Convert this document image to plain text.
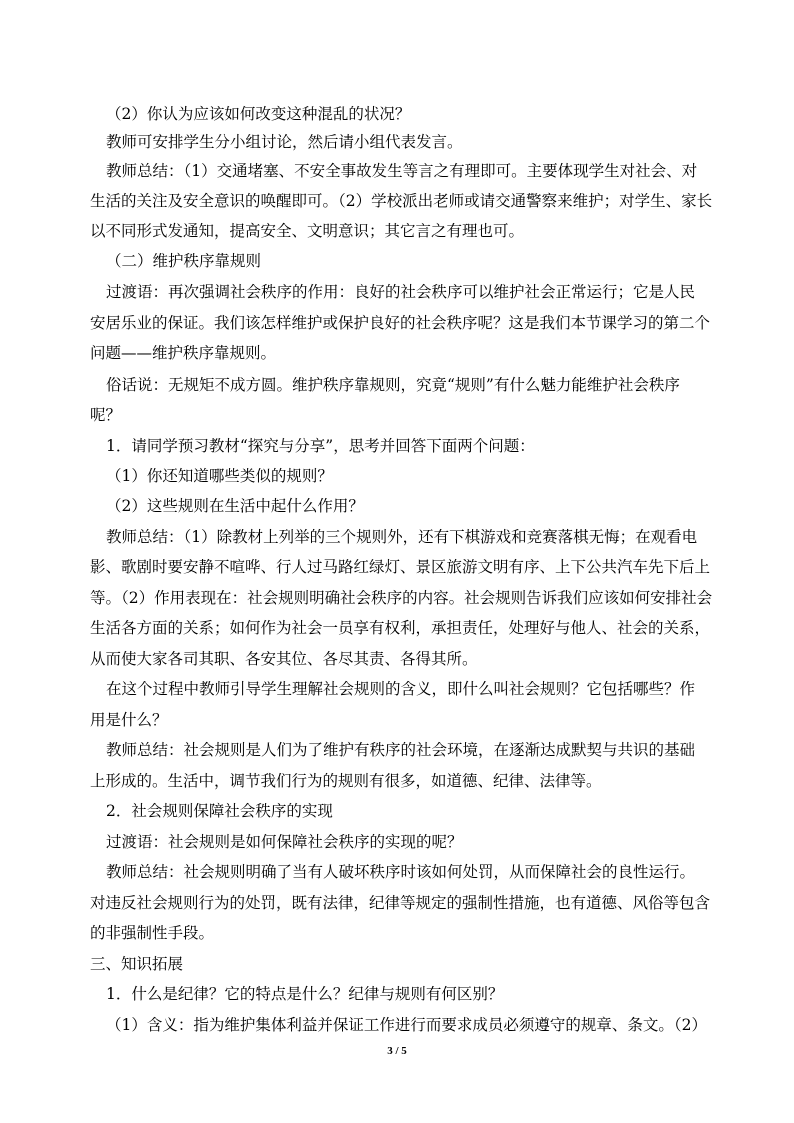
（2）你认为应该如何改变这种混乱的状况？

教师可安排学生分小组讨论，然后请小组代表发言。

教师总结：（1）交通堵塞、不安全事故发生等言之有理即可。主要体现学生对社会、对

生活的关注及安全意识的唤醒即可。（2）学校派出老师或请交通警察来维护；对学生、家长

以不同形式发通知，提高安全、文明意识；其它言之有理也可。

（二）维护秩序靠规则

过渡语：再次强调社会秩序的作用：良好的社会秩序可以维护社会正常运行；它是人民

安居乐业的保证。我们该怎样维护或保护良好的社会秩序呢？这是我们本节课学习的第二个

问题——维护秩序靠规则。

俗话说：无规矩不成方圆。维护秩序靠规则，究竟“规则”有什么魅力能维护社会秩序

呢？

1．请同学预习教材“探究与分享”，思考并回答下面两个问题：

（1）你还知道哪些类似的规则？

（2）这些规则在生活中起什么作用？

教师总结：（1）除教材上列举的三个规则外，还有下棋游戏和竞赛落棋无悔；在观看电

影、歌剧时要安静不喧哗、行人过马路红绿灯、景区旅游文明有序、上下公共汽车先下后上

等。（2）作用表现在：社会规则明确社会秩序的内容。社会规则告诉我们应该如何安排社会

生活各方面的关系；如何作为社会一员享有权利，承担责任，处理好与他人、社会的关系，

从而使大家各司其职、各安其位、各尽其责、各得其所。

在这个过程中教师引导学生理解社会规则的含义，即什么叫社会规则？它包括哪些？作

用是什么？

教师总结：社会规则是人们为了维护有秩序的社会环境，在逐渐达成默契与共识的基础

上形成的。生活中，调节我们行为的规则有很多，如道德、纪律、法律等。

2．社会规则保障社会秩序的实现

过渡语：社会规则是如何保障社会秩序的实现的呢？

教师总结：社会规则明确了当有人破坏秩序时该如何处罚，从而保障社会的良性运行。

对违反社会规则行为的处罚，既有法律，纪律等规定的强制性措施，也有道德、风俗等包含

的非强制性手段。

三、知识拓展

1．什么是纪律？它的特点是什么？纪律与规则有何区别？

（1）含义：指为维护集体利益并保证工作进行而要求成员必须遵守的规章、条文。（2）

3 / 5
